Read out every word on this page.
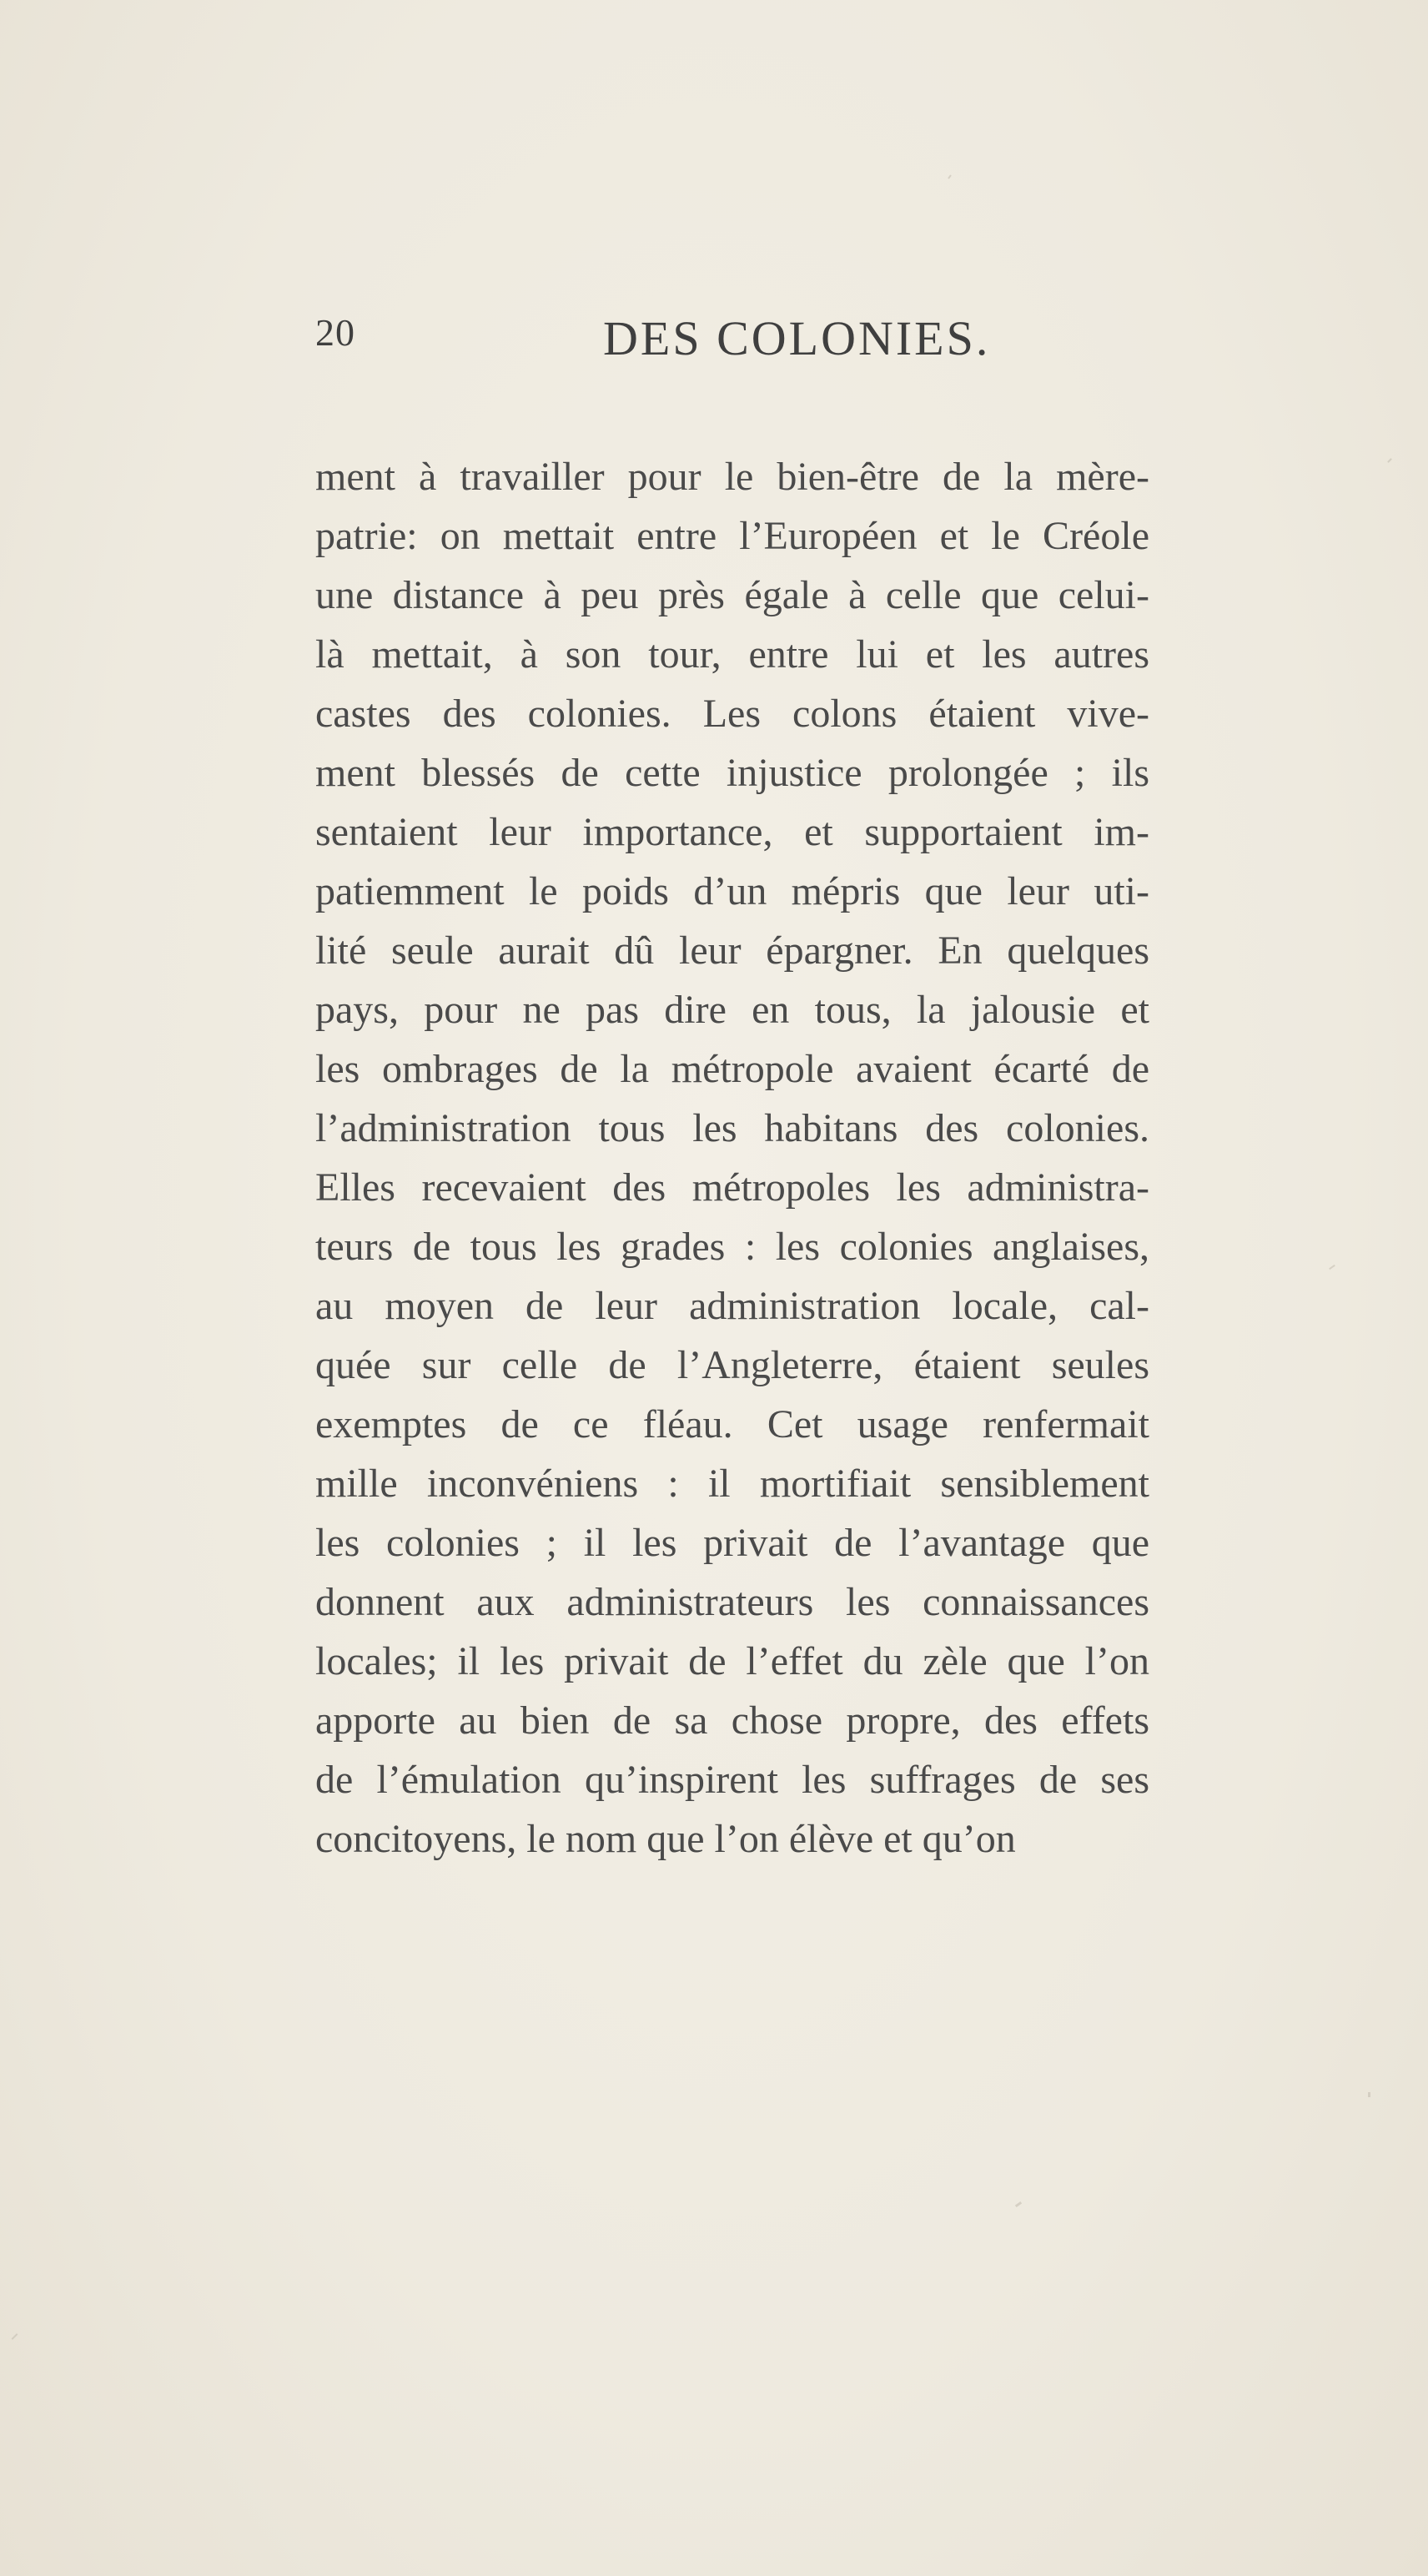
20	DES COLONIES.
ment à travailler pour le bien-être de la mère-
patrie: on mettait entre l’Européen et le Créole
une distance à peu près égale à celle que celui-
là mettait, à son tour, entre lui et les autres
castes des colonies. Les colons étaient vive-
ment blessés de cette injustice prolongée ; ils
sentaient leur importance, et supportaient im-
patiemment le poids d’un mépris que leur uti-
lité seule aurait dû leur épargner. En quelques
pays, pour ne pas dire en tous, la jalousie et
les ombrages de la métropole avaient écarté de
l’administration tous les habitans des colonies.
Elles recevaient des métropoles les administra-
teurs de tous les grades : les colonies anglaises,
au moyen de leur administration locale, cal-
quée sur celle de l’Angleterre, étaient seules
exemptes de ce fléau. Cet usage renfermait
mille inconvéniens : il mortifiait sensiblement
les colonies ; il les privait de l’avantage que
donnent aux administrateurs les connaissances
locales; il les privait de l’effet du zèle que l’on
apporte au bien de sa chose propre, des effets
de l’émulation qu’inspirent les suffrages de ses
concitoyens, le nom que l’on élève et qu’on
